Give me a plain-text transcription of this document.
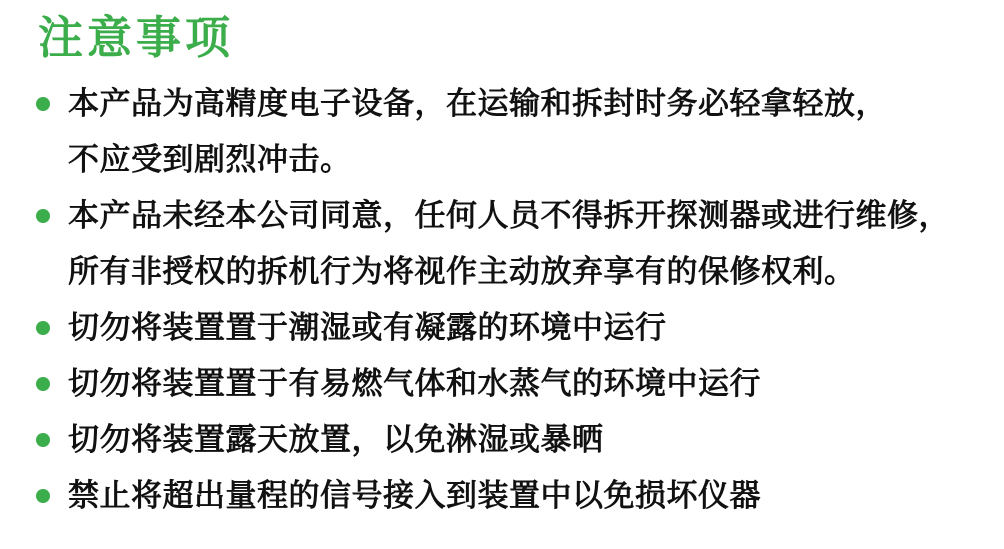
注意事项

本产品为高精度电子设备，在运输和拆封时务必轻拿轻放，

不应受到剧烈冲击。

本产品未经本公司同意，任何人员不得拆开探测器或进行维修，

所有非授权的拆机行为将视作主动放弃享有的保修权利。

切勿将装置置于潮湿或有凝露的环境中运行

切勿将装置置于有易燃气体和水蒸气的环境中运行

切勿将装置露天放置，以免淋湿或暴晒

禁止将超出量程的信号接入到装置中以免损坏仪器
